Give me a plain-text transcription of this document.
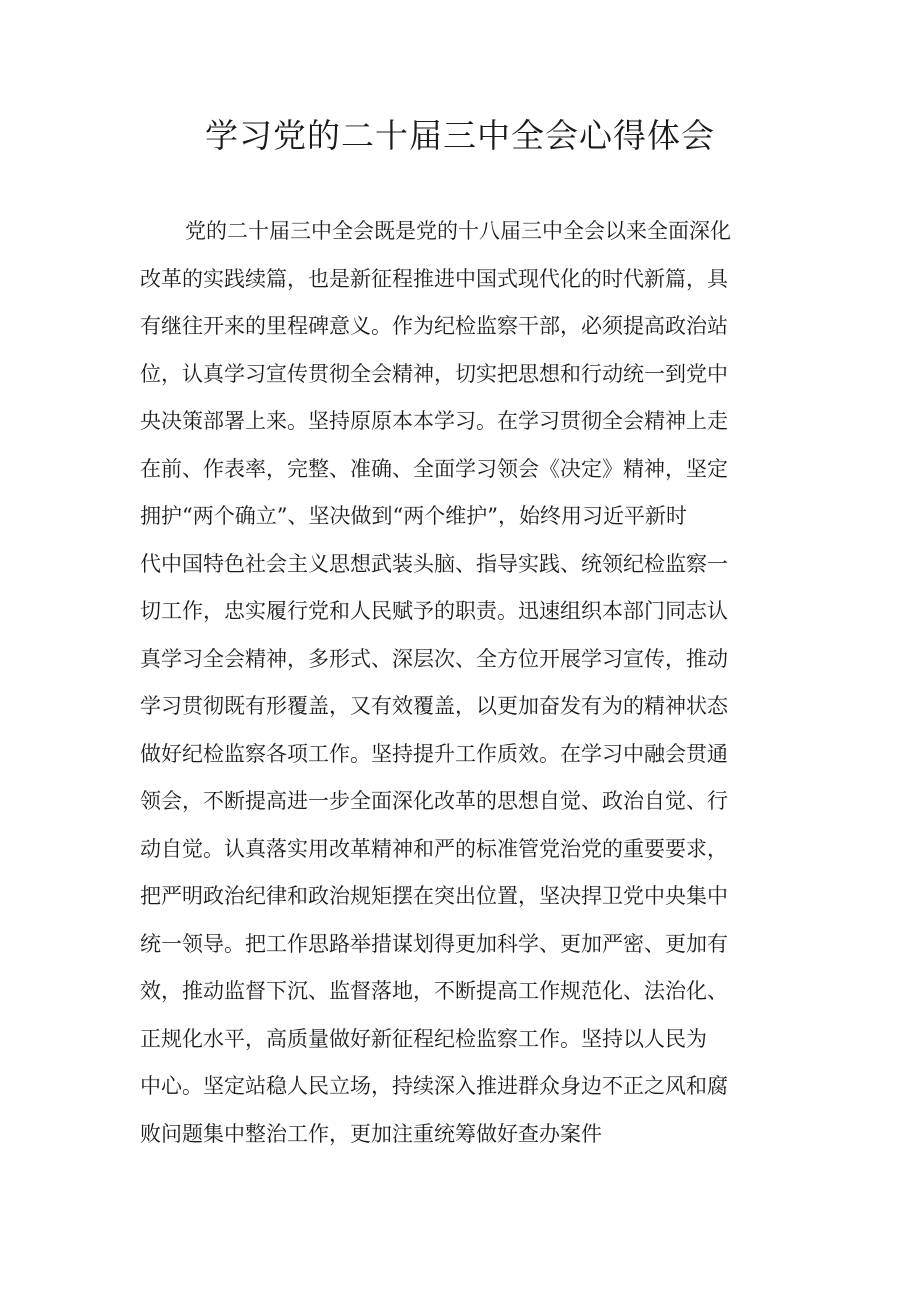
学习党的二十届三中全会心得体会
党的二十届三中全会既是党的十八届三中全会以来全面深化
改革的实践续篇，也是新征程推进中国式现代化的时代新篇，具
有继往开来的里程碑意义。作为纪检监察干部，必须提高政治站
位，认真学习宣传贯彻全会精神，切实把思想和行动统一到党中
央决策部署上来。坚持原原本本学习。在学习贯彻全会精神上走
在前、作表率，完整、准确、全面学习领会《决定》精神，坚定
拥护“两个确立”、坚决做到“两个维护”，始终用习近平新时
代中国特色社会主义思想武装头脑、指导实践、统领纪检监察一
切工作，忠实履行党和人民赋予的职责。迅速组织本部门同志认
真学习全会精神，多形式、深层次、全方位开展学习宣传，推动
学习贯彻既有形覆盖，又有效覆盖，以更加奋发有为的精神状态
做好纪检监察各项工作。坚持提升工作质效。在学习中融会贯通
领会，不断提高进一步全面深化改革的思想自觉、政治自觉、行
动自觉。认真落实用改革精神和严的标准管党治党的重要要求，
把严明政治纪律和政治规矩摆在突出位置，坚决捍卫党中央集中
统一领导。把工作思路举措谋划得更加科学、更加严密、更加有
效，推动监督下沉、监督落地，不断提高工作规范化、法治化、
正规化水平，高质量做好新征程纪检监察工作。坚持以人民为
中心。坚定站稳人民立场，持续深入推进群众身边不正之风和腐
败问题集中整治工作，更加注重统筹做好查办案件
